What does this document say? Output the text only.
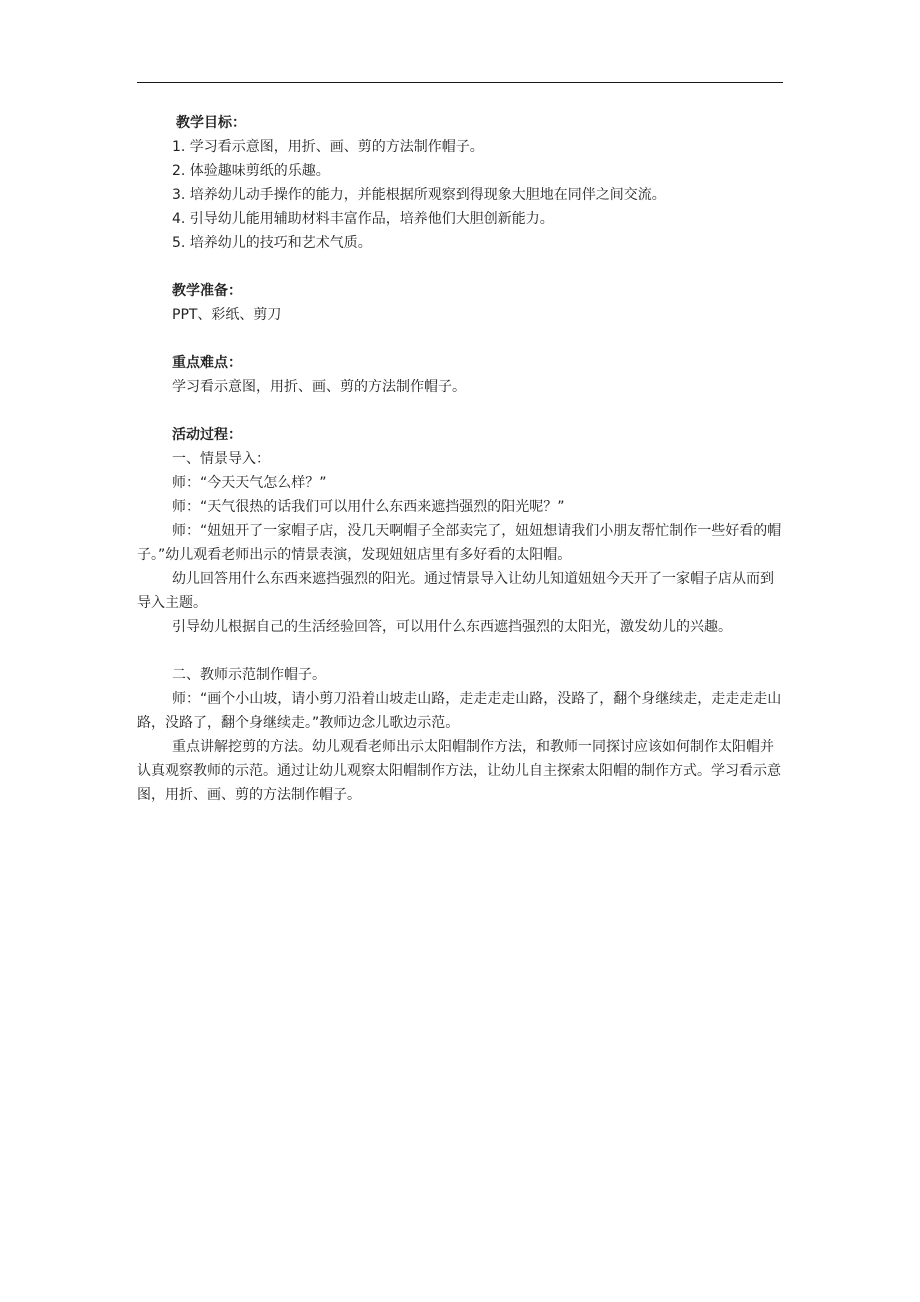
教学目标：
1. 学习看示意图，用折、画、剪的方法制作帽子。
2. 体验趣味剪纸的乐趣。
3. 培养幼儿动手操作的能力，并能根据所观察到得现象大胆地在同伴之间交流。
4. 引导幼儿能用辅助材料丰富作品，培养他们大胆创新能力。
5. 培养幼儿的技巧和艺术气质。
教学准备：
PPT、彩纸、剪刀
重点难点：
学习看示意图，用折、画、剪的方法制作帽子。
活动过程：
一、情景导入：
师：“今天天气怎么样？”
师：“天气很热的话我们可以用什么东西来遮挡强烈的阳光呢？”
师：“妞妞开了一家帽子店，没几天啊帽子全部卖完了，妞妞想请我们小朋友帮忙制作一些好看的帽子。”幼儿观看老师出示的情景表演，发现妞妞店里有多好看的太阳帽。
幼儿回答用什么东西来遮挡强烈的阳光。通过情景导入让幼儿知道妞妞今天开了一家帽子店从而到导入主题。
引导幼儿根据自己的生活经验回答，可以用什么东西遮挡强烈的太阳光，激发幼儿的兴趣。
二、教师示范制作帽子。
师：“画个小山坡，请小剪刀沿着山坡走山路，走走走走山路，没路了，翻个身继续走，走走走走山路，没路了，翻个身继续走。”教师边念儿歌边示范。
重点讲解挖剪的方法。幼儿观看老师出示太阳帽制作方法，和教师一同探讨应该如何制作太阳帽并认真观察教师的示范。通过让幼儿观察太阳帽制作方法，让幼儿自主探索太阳帽的制作方式。学习看示意图，用折、画、剪的方法制作帽子。
